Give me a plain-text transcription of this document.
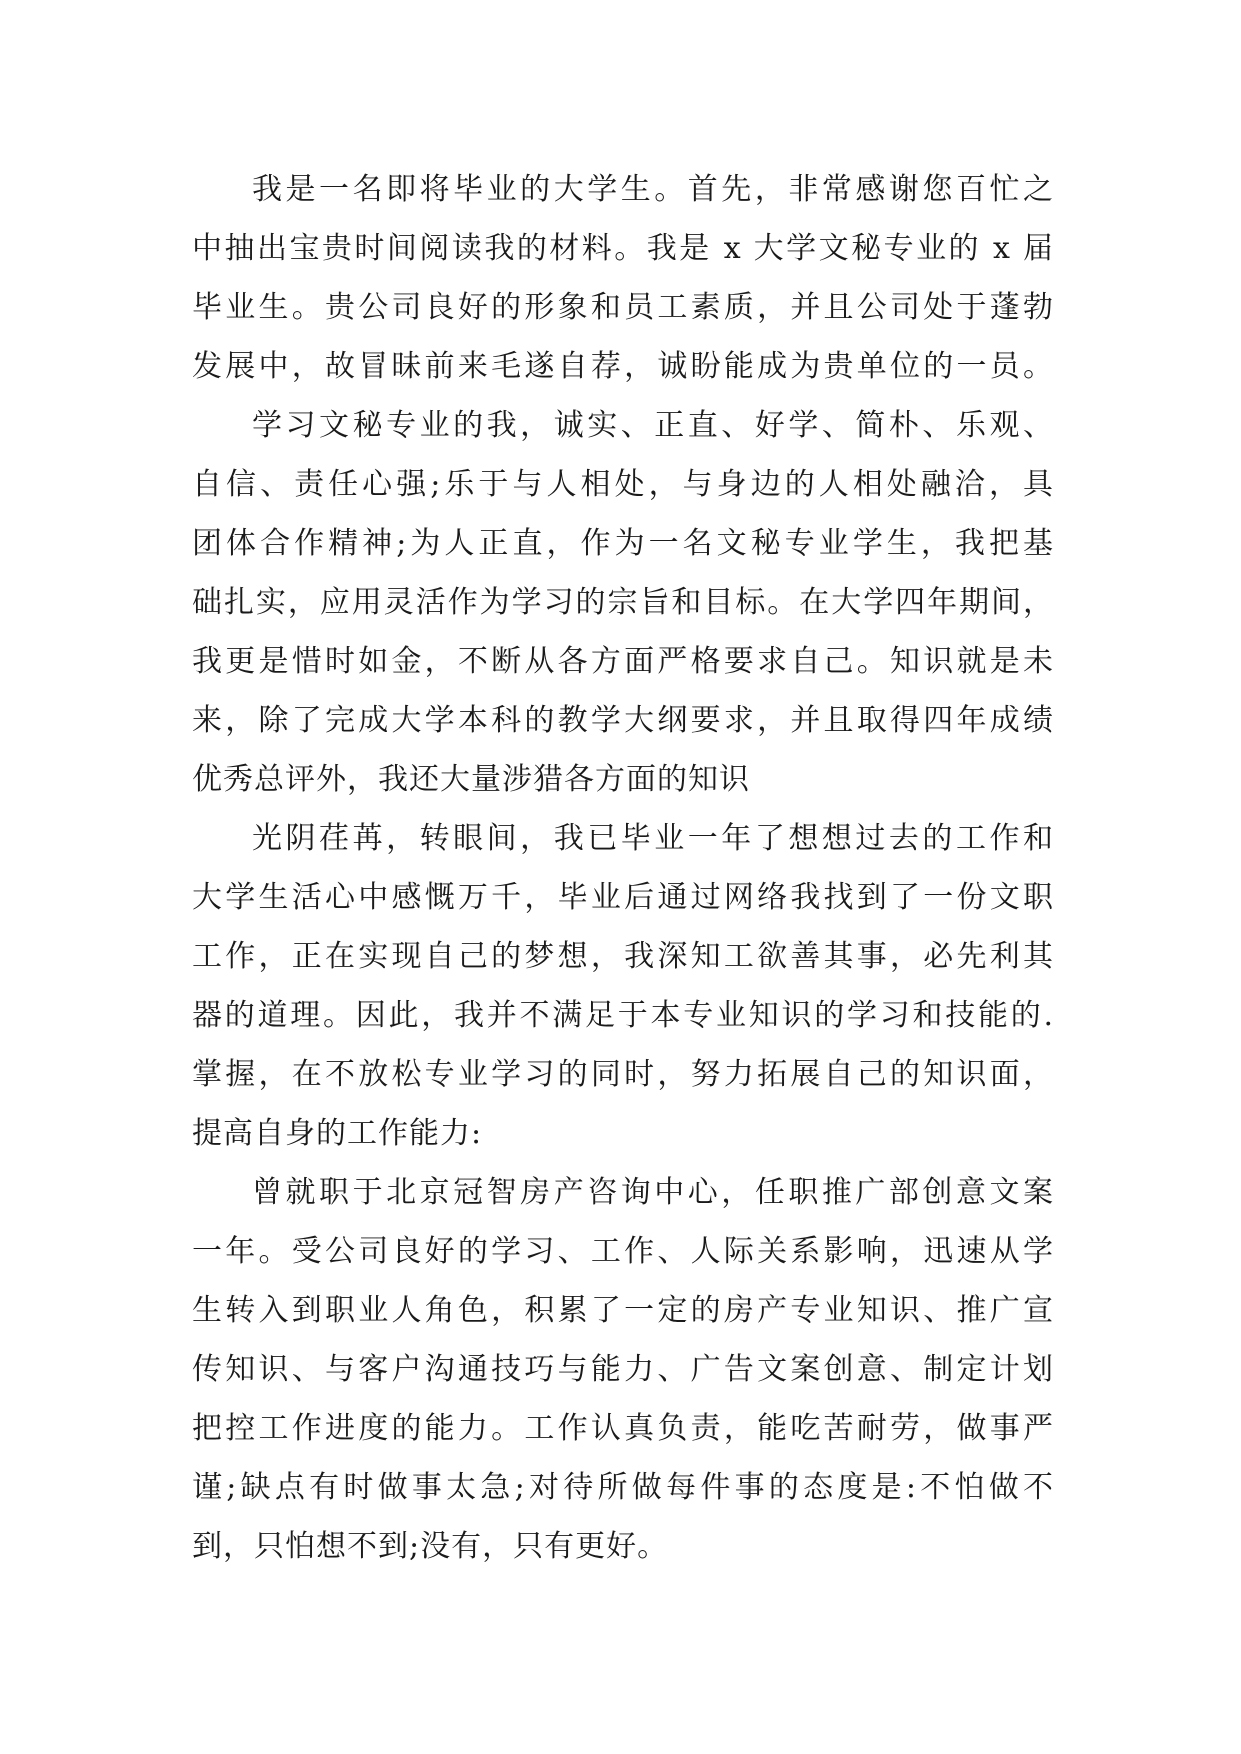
我是一名即将毕业的大学生。首先，非常感谢您百忙之
中抽出宝贵时间阅读我的材料。我是 x 大学文秘专业的 x 届
毕业生。贵公司良好的形象和员工素质，并且公司处于蓬勃
发展中，故冒昧前来毛遂自荐，诚盼能成为贵单位的一员。
学习文秘专业的我，诚实、正直、好学、简朴、乐观、
自信、责任心强;乐于与人相处，与身边的人相处融洽，具
团体合作精神;为人正直，作为一名文秘专业学生，我把基
础扎实，应用灵活作为学习的宗旨和目标。在大学四年期间，
我更是惜时如金，不断从各方面严格要求自己。知识就是未
来，除了完成大学本科的教学大纲要求，并且取得四年成绩
优秀总评外，我还大量涉猎各方面的知识
光阴荏苒，转眼间，我已毕业一年了想想过去的工作和
大学生活心中感慨万千，毕业后通过网络我找到了一份文职
工作，正在实现自己的梦想，我深知工欲善其事，必先利其
器的道理。因此，我并不满足于本专业知识的学习和技能的.
掌握，在不放松专业学习的同时，努力拓展自己的知识面，
提高自身的工作能力:
曾就职于北京冠智房产咨询中心，任职推广部创意文案
一年。受公司良好的学习、工作、人际关系影响，迅速从学
生转入到职业人角色，积累了一定的房产专业知识、推广宣
传知识、与客户沟通技巧与能力、广告文案创意、制定计划
把控工作进度的能力。工作认真负责，能吃苦耐劳，做事严
谨;缺点有时做事太急;对待所做每件事的态度是:不怕做不
到，只怕想不到;没有，只有更好。
